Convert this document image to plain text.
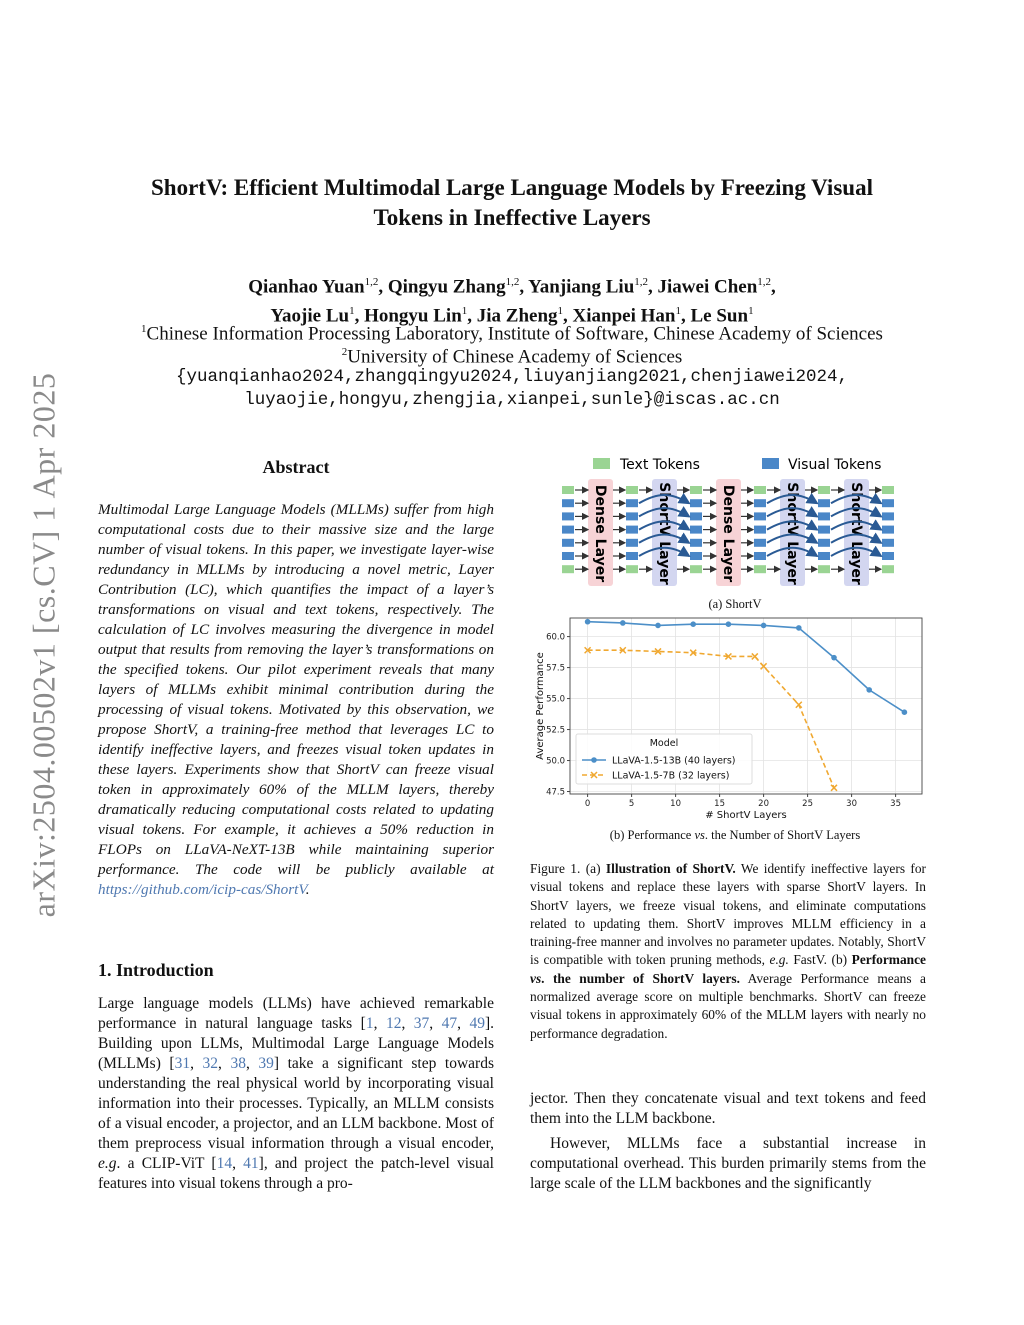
arXiv:2504.00502v1 [cs.CV] 1 Apr 2025
ShortV: Efficient Multimodal Large Language Models by Freezing Visual
Tokens in Ineffective Layers
Qianhao Yuan$^{1,2}$, Qingyu Zhang$^{1,2}$, Yanjiang Liu$^{1,2}$, Jiawei Chen$^{1,2}$,
Yaojie Lu$^1$, Hongyu Lin$^1$, Jia Zheng$^1$, Xianpei Han$^1$, Le Sun$^1$
$^1$Chinese Information Processing Laboratory, Institute of Software, Chinese Academy of Sciences
$^2$University of Chinese Academy of Sciences
{yuanqianhao2024,zhangqingyu2024,liuyanjiang2021,chenjiawei2024,
luyaojie,hongyu,zhengjia,xianpei,sunle}@iscas.ac.cn
Abstract

Multimodal Large Language Models (MLLMs) suffer from high computational costs due to their massive size and the large number of visual tokens. In this paper, we investigate layer-wise redundancy in MLLMs by introducing a novel metric, Layer Contribution (LC), which quantifies the impact of a layer’s transformations on visual and text tokens, respectively. The calculation of LC involves measuring the divergence in model output that results from removing the layer’s transformations on the specified tokens. Our pilot experiment reveals that many layers of MLLMs exhibit minimal contribution during the processing of visual tokens. Motivated by this observation, we propose ShortV, a training-free method that leverages LC to identify ineffective layers, and freezes visual token updates in these layers. Experiments show that ShortV can freeze visual token in approximately 60% of the MLLM layers, thereby dramatically reducing computational costs related to updating visual tokens. For example, it achieves a 50% reduction in FLOPs on LLaVA-NeXT-13B while maintaining superior performance. The code will be publicly available at https://github.com/icip-cas/ShortV.

1. Introduction

Large language models (LLMs) have achieved remarkable performance in natural language tasks [1, 12, 37, 47, 49]. Building upon LLMs, Multimodal Large Language Models (MLLMs) [31, 32, 38, 39] take a significant step towards understanding the real physical world by incorporating visual information into their processes. Typically, an MLLM consists of a visual encoder, a projector, and an LLM backbone. Most of them preprocess visual information through a visual encoder, e.g. a CLIP-ViT [14, 41], and project the patch-level visual features into visual tokens through a pro-

Text Tokens	Visual Tokens
Dense Layer	ShortV Layer	Dense Layer	ShortV Layer	ShortV Layer
(a) ShortV
0	5	10	15	20	25	30	35
47.5
50.0
52.5
55.0
57.5
60.0
# ShortV Layers
Average Performance	Model
LLaVA-1.5-13B (40 layers)
LLaVA-1.5-7B (32 layers)
(b) Performance vs. the Number of ShortV Layers

Figure 1. (a) Illustration of ShortV. We identify ineffective layers for visual tokens and replace these layers with sparse ShortV layers. In ShortV layers, we freeze visual tokens, and eliminate computations related to updating them. ShortV improves MLLM efficiency in a training-free manner and involves no parameter updates. Notably, ShortV is compatible with token pruning methods, e.g. FastV. (b) Performance vs. the number of ShortV layers. Average Performance means a normalized average score on multiple benchmarks. ShortV can freeze visual tokens in approximately 60% of the MLLM layers with nearly no performance degradation.

jector. Then they concatenate visual and text tokens and feed them into the LLM backbone.

However, MLLMs face a substantial increase in computational overhead. This burden primarily stems from the large scale of the LLM backbones and the significantly
